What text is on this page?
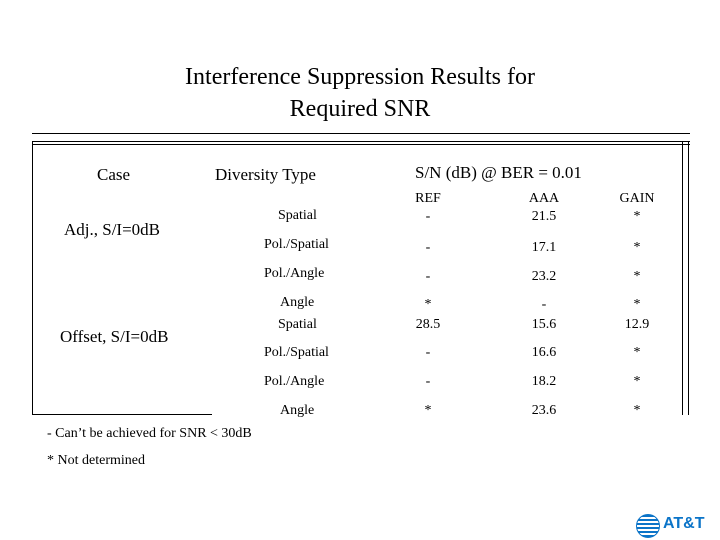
Interference Suppression Results for
Required SNR
Case	Diversity Type	S/N (dB) @ BER = 0.01
REF	AAA	GAIN
Adj., S/I=0dB
Spatial	-	21.5	*
Pol./Spatial	-	17.1	*
Pol./Angle	-	23.2	*
Angle	*	-	*
Offset, S/I=0dB
Spatial	28.5	15.6	12.9
Pol./Spatial	-	16.6	*
Pol./Angle	-	18.2	*
Angle	*	23.6	*
- Can’t be achieved for SNR < 30dB
* Not determined
AT&T
